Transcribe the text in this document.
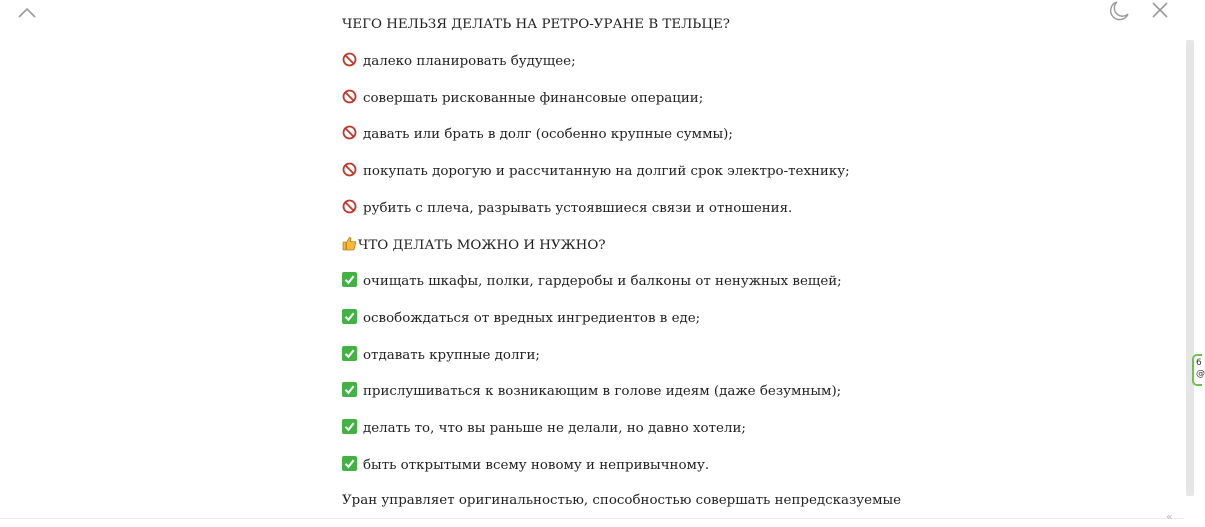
6
@
«
ЧЕГО НЕЛЬЗЯ ДЕЛАТЬ НА РЕТРО-УРАНЕ В ТЕЛЬЦЕ?
далеко планировать будущее;
совершать рискованные финансовые операции;
давать или брать в долг (особенно крупные суммы);
покупать дорогую и рассчитанную на долгий срок электро-технику;
рубить с плеча, разрывать устоявшиеся связи и отношения.
ЧТО ДЕЛАТЬ МОЖНО И НУЖНО?
очищать шкафы, полки, гардеробы и балконы от ненужных вещей;
освобождаться от вредных ингредиентов в еде;
отдавать крупные долги;
прислушиваться к возникающим в голове идеям (даже безумным);
делать то, что вы раньше не делали, но давно хотели;
быть открытыми всему новому и непривычному.
Уран управляет оригинальностью, способностью совершать непредсказуемые
